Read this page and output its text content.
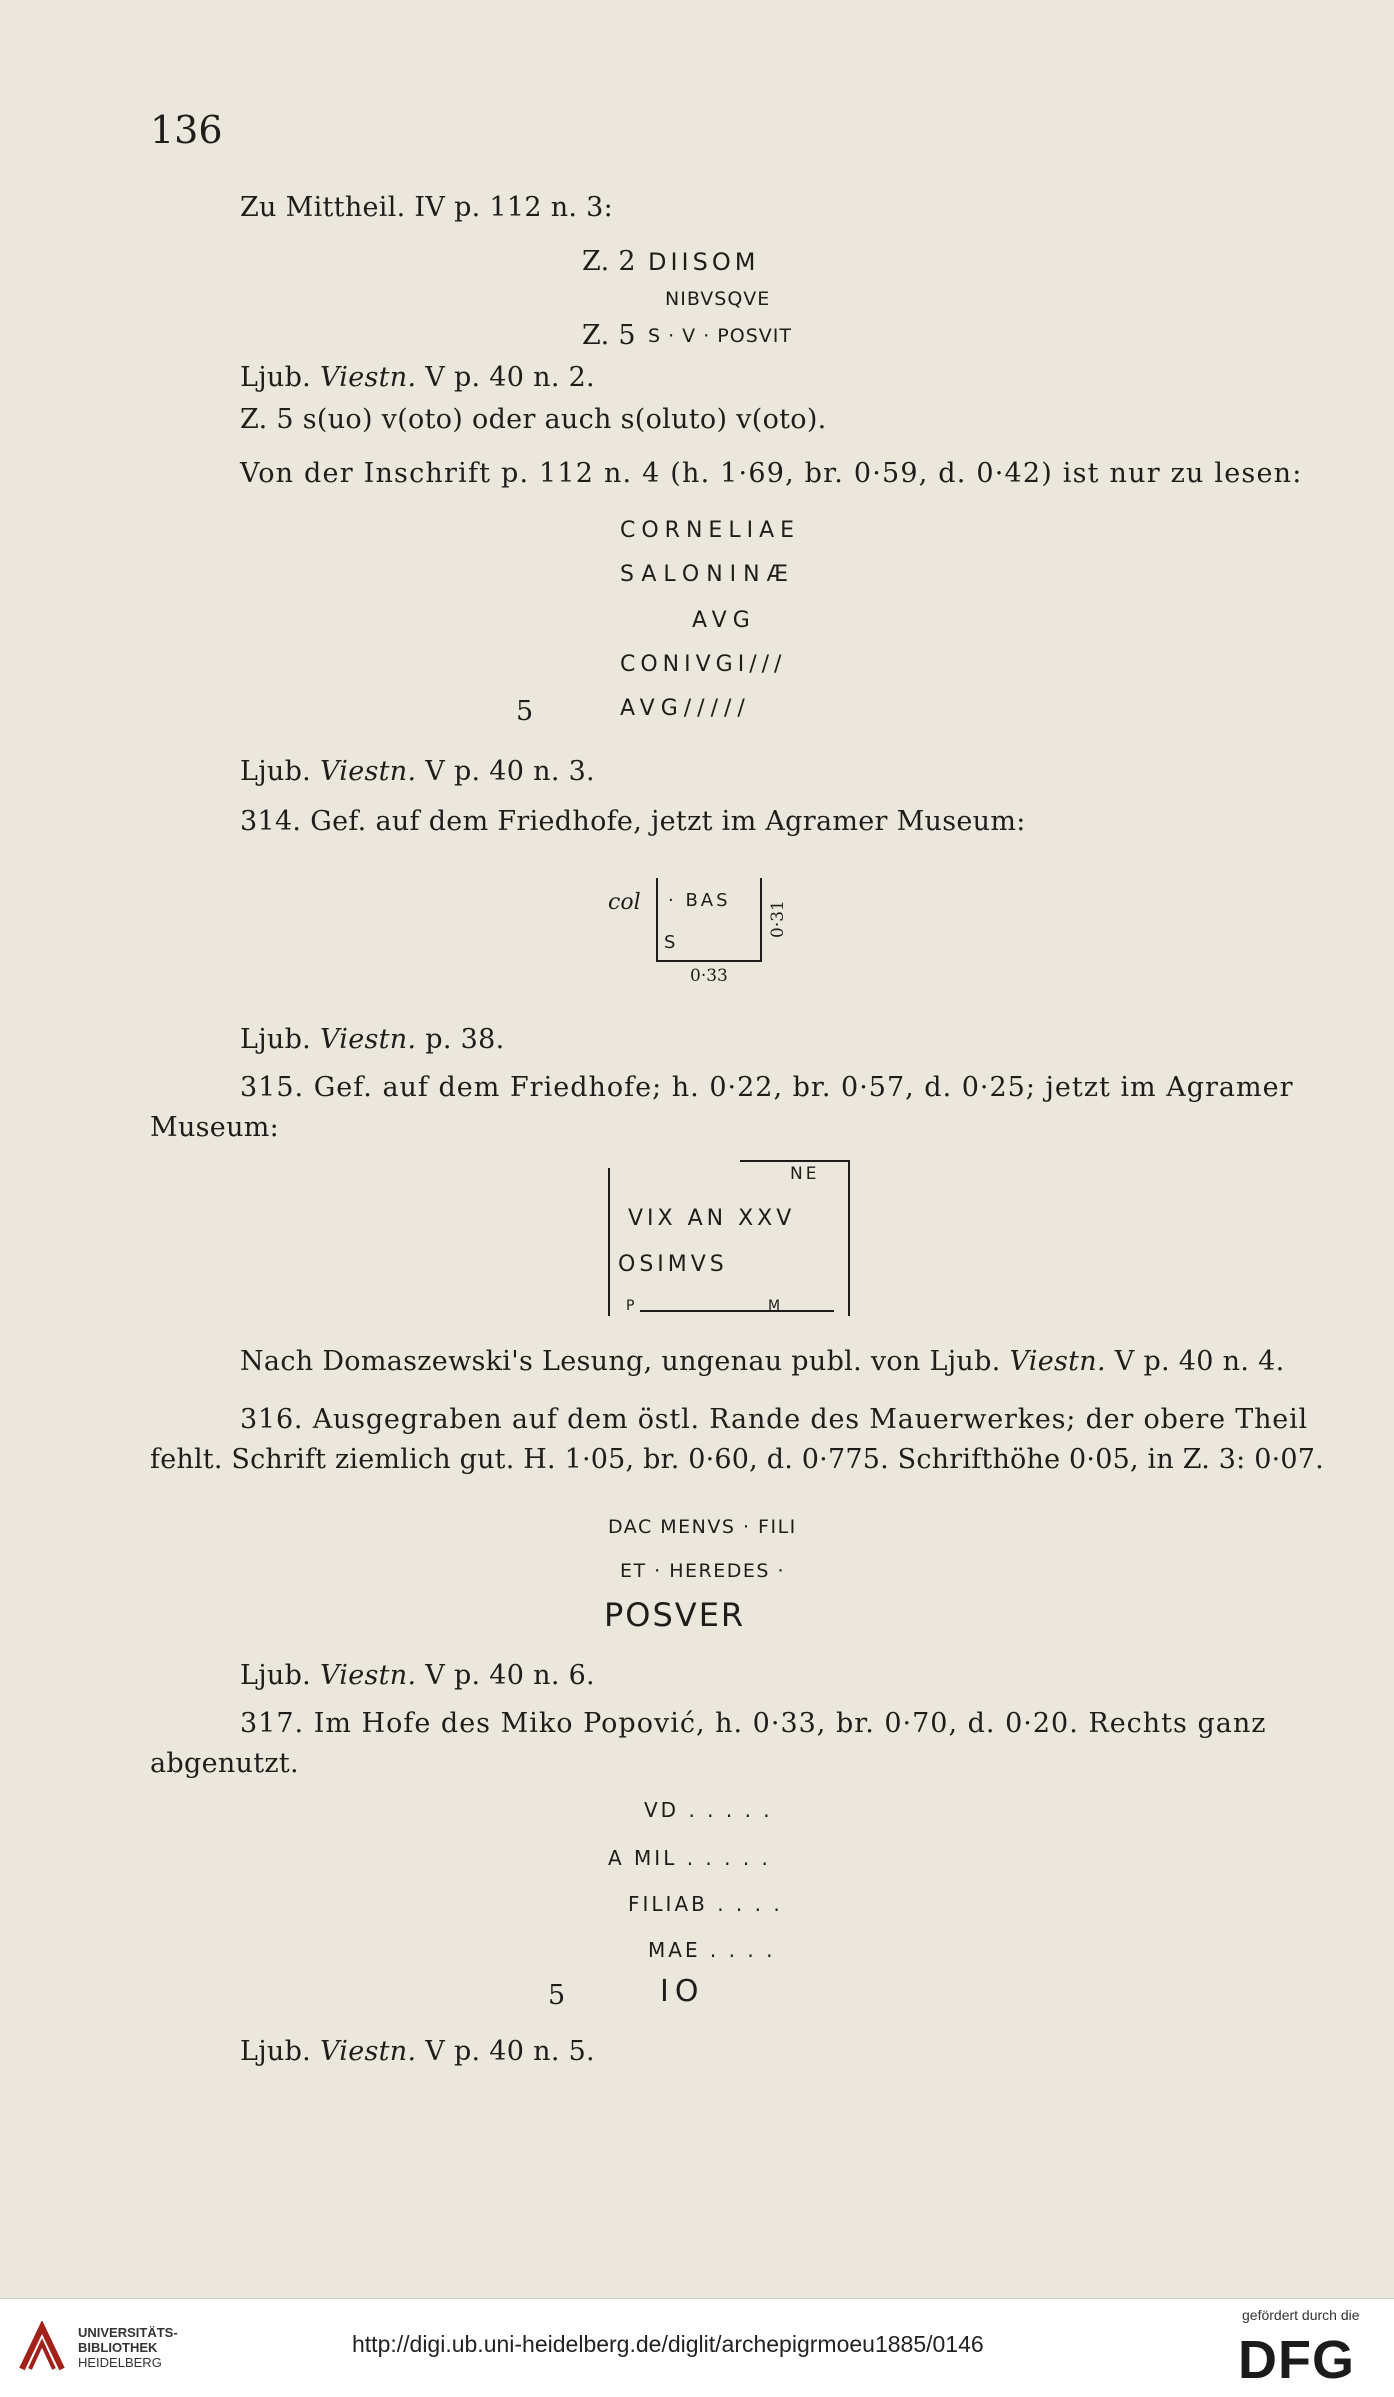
136
Zu Mittheil. IV p. 112 n. 3:
Z. 2 DIISOM
NIBVSQVE
Z. 5 S · V · POSVIT
Ljub. Viestn. V p. 40 n. 2.
Z. 5 s(uo) v(oto) oder auch s(oluto) v(oto).
Von der Inschrift p. 112 n. 4 (h. 1·69, br. 0·59, d. 0·42) ist nur zu lesen:
CORNELIAE
SALONINÆ
AVG
CONIVGI///
5	AVG/////
Ljub. Viestn. V p. 40 n. 3.
314. Gef. auf dem Friedhofe, jetzt im Agramer Museum:
col · BAS
S
0·31
0·33
Ljub. Viestn. p. 38.
315. Gef. auf dem Friedhofe; h. 0·22, br. 0·57, d. 0·25; jetzt im Agramer
Museum:
NE
VIX AN XXV
OSIMVS
P	M
Nach Domaszewski's Lesung, ungenau publ. von Ljub. Viestn. V p. 40 n. 4.
316. Ausgegraben auf dem östl. Rande des Mauerwerkes; der obere Theil
fehlt. Schrift ziemlich gut. H. 1·05, br. 0·60, d. 0·775. Schrifthöhe 0·05, in Z. 3: 0·07.
DAC MENVS · FILI
ET · HEREDES ·
POSVER
Ljub. Viestn. V p. 40 n. 6.
317. Im Hofe des Miko Popović, h. 0·33, br. 0·70, d. 0·20. Rechts ganz
abgenutzt.
VD . . . . .
A MIL . . . . .
FILIAB . . . .
MAE . . . .
5	IO
Ljub. Viestn. V p. 40 n. 5.
UNIVERSITÄTS-
BIBLIOTHEK
HEIDELBERG
http://digi.ub.uni-heidelberg.de/diglit/archepigrmoeu1885/0146
gefördert durch die
DFG
